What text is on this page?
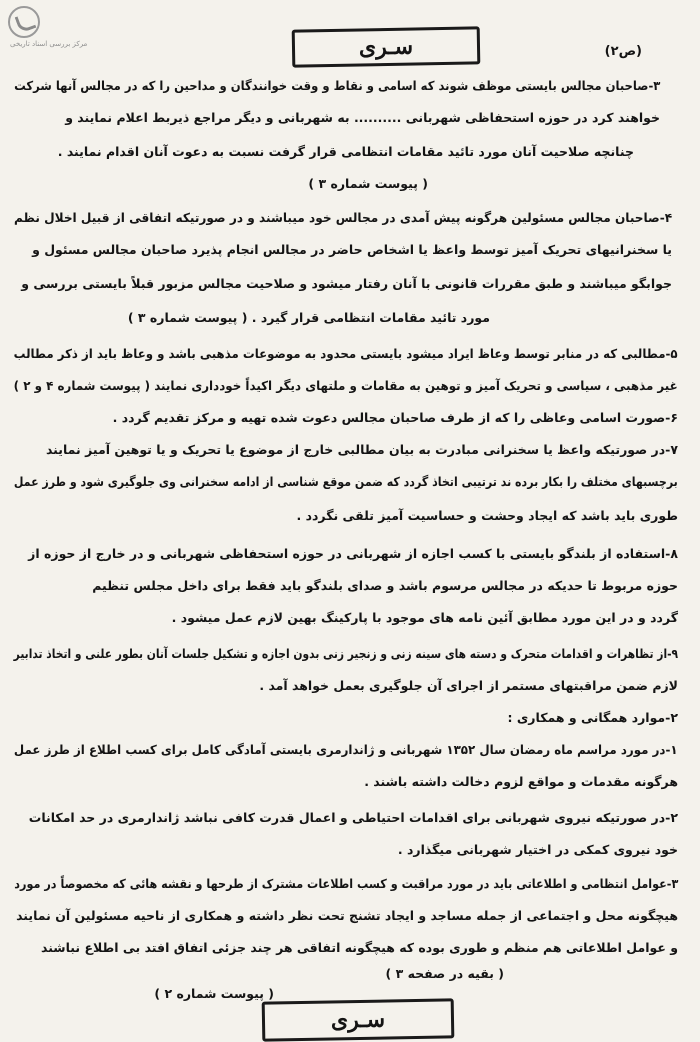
مرکز بررسی اسناد تاریخی	سـری	(ص۲)
۳-صاحبان مجالس بایستی موظف شوند که اسامی و نقاط و وقت خوانندگان و مداحین را که در مجالس آنها شرکت
خواهند کرد در حوزه استحفاظی شهربانی .......... به شهربانی و دیگر مراجع ذیربط اعلام نمایند و
چنانچه صلاحیت آنان مورد تائید مقامات انتظامی قرار گرفت نسبت به دعوت آنان اقدام نمایند .
( پیوست شماره ۳ )
۴-صاحبان مجالس مسئولین هرگونه پیش آمدی در مجالس خود میباشند و در صورتیکه اتفاقی از قبیل اخلال نظم
یا سخنرانیهای تحریک آمیز توسط واعظ یا اشخاص حاضر در مجالس انجام پذیرد صاحبان مجالس مسئول و
جوابگو میباشند و طبق مقررات قانونی با آنان رفتار میشود و صلاحیت مجالس مزبور قبلاً بایستی بررسی و
مورد تائید مقامات انتظامی قرار گیرد . ( پیوست شماره ۳ )
۵-مطالبی که در منابر توسط وعاظ ایراد میشود بایستی محدود به موضوعات مذهبی باشد و وعاظ باید از ذکر مطالب
غیر مذهبی ، سیاسی و تحریک آمیز و توهین به مقامات و ملتهای دیگر اکیداً خودداری نمایند ( پیوست شماره ۴ و ۲ )
۶-صورت اسامی وعاظی را که از طرف صاحبان مجالس دعوت شده تهیه و مرکز تقدیم گردد .
۷-در صورتیکه واعظ یا سخنرانی مبادرت به بیان مطالبی خارج از موضوع یا تحریک و یا توهین آمیز نمایند
برچسبهای مختلف را بکار برده ند ترتیبی اتخاذ گردد که ضمن موقع شناسی از ادامه سخنرانی وی جلوگیری شود و طرز عمل
طوری باید باشد که ایجاد وحشت و حساسیت آمیز تلقی نگردد .
۸-استفاده از بلندگو بایستی با کسب اجازه از شهربانی در حوزه استحفاظی شهربانی و در خارج از حوزه از
حوزه مربوط تا حدیکه در مجالس مرسوم باشد و صدای بلندگو باید فقط برای داخل مجلس تنظیم
گردد و در این مورد مطابق آئین نامه های موجود با پارکینگ بهین لازم عمل میشود .
۹-از تظاهرات و اقدامات متحرک و دسته های سینه زنی و زنجیر زنی بدون اجازه و تشکیل جلسات آنان بطور علنی و اتخاذ تدابیر
لازم ضمن مراقبتهای مستمر از اجرای آن جلوگیری بعمل خواهد آمد .
۲-موارد همگانی و همکاری :
۱-در مورد مراسم ماه رمضان سال ۱۳۵۲ شهربانی و ژاندارمری بایستی آمادگی کامل برای کسب اطلاع از طرز عمل
هرگونه مقدمات و مواقع لزوم دخالت داشته باشند .
۲-در صورتیکه نیروی شهربانی برای اقدامات احتیاطی و اعمال قدرت کافی نباشد ژاندارمری در حد امکانات
خود نیروی کمکی در اختیار شهربانی میگذارد .
۳-عوامل انتظامی و اطلاعاتی باید در مورد مراقبت و کسب اطلاعات مشترک از طرحها و نقشه هائی که مخصوصاً در مورد
هیچگونه محل و اجتماعی از جمله مساجد و ایجاد تشنج تحت نظر داشته و همکاری از ناحیه مسئولین آن نمایند
و عوامل اطلاعاتی هم منظم و طوری بوده که هیچگونه اتفاقی هر چند جزئی اتفاق افتد بی اطلاع نباشند
( بقیه در صفحه ۳ )
( پیوست شماره ۲ )
سـری
